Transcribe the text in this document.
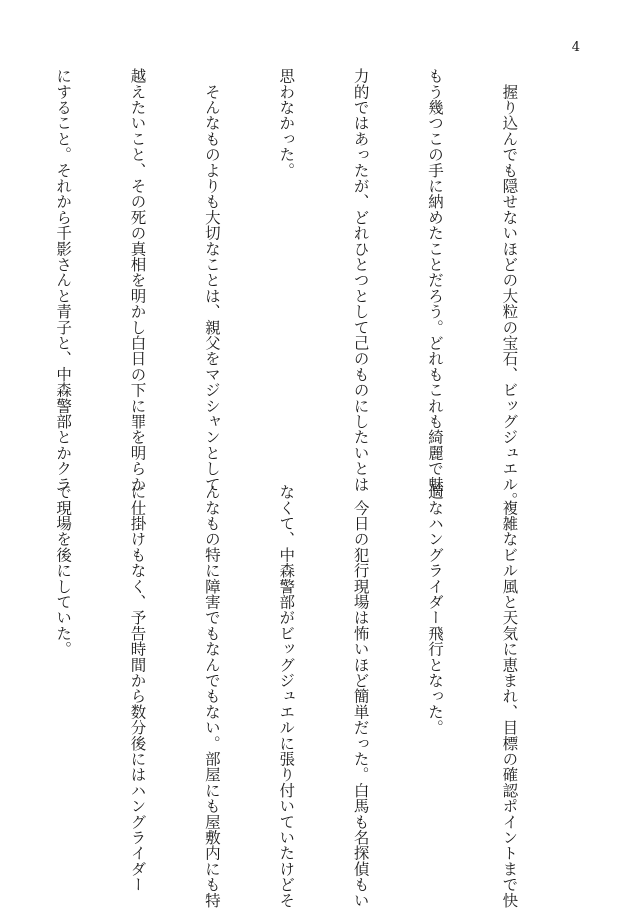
4

　握り込んでも隠せないほどの大粒の宝石、ビッグジュエル。

もう幾つこの手に納めたことだろう。どれもこれも綺麗で魅

力的ではあったが、どれひとつとして己のものにしたいとは

思わなかった。

　そんなものよりも大切なことは、親父をマジシャンとして

越えたいこと、その死の真相を明かし白日の下に罪を明らか

にすること。それから千影さんと青子と、中森警部とかクラ

　複雑なビル風と天気に恵まれ、目標の確認ポイントまで快

適なハングライダー飛行となった。

　今日の犯行現場は怖いほど簡単だった。白馬も名探偵もい

なくて、中森警部がビッグジュエルに張り付いていたけどそ

んなもの特に障害でもなんでもない。部屋にも屋敷内にも特

に仕掛けもなく、予告時間から数分後にはハングライダー

で現場を後にしていた。
